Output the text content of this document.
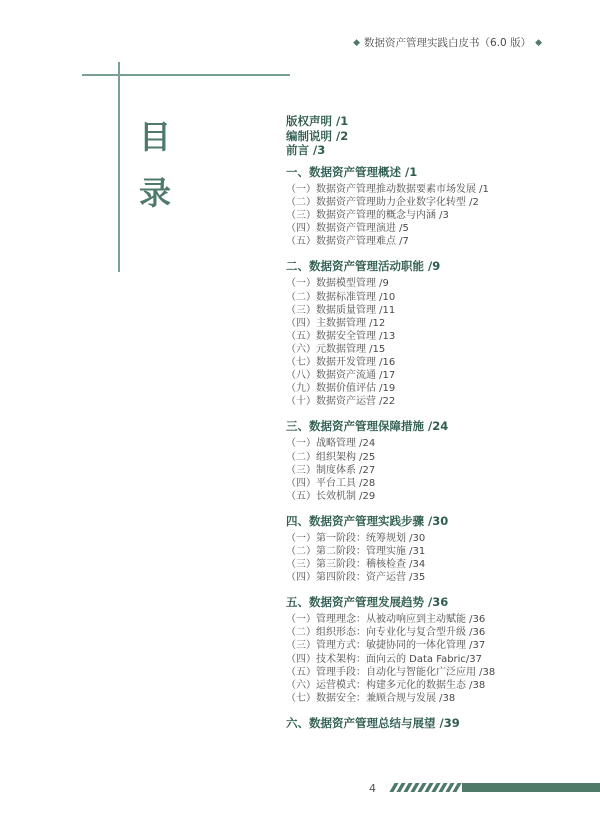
◆ 数据资产管理实践白皮书（6.0 版） ◆
目
录
版权声明 /1
编制说明 /2
前言 /3
一、数据资产管理概述 /1
（一）数据资产管理推动数据要素市场发展 /1
（二）数据资产管理助力企业数字化转型 /2
（三）数据资产管理的概念与内涵 /3
（四）数据资产管理演进 /5
（五）数据资产管理难点 /7
二、数据资产管理活动职能 /9
（一）数据模型管理 /9
（二）数据标准管理 /10
（三）数据质量管理 /11
（四）主数据管理 /12
（五）数据安全管理 /13
（六）元数据管理 /15
（七）数据开发管理 /16
（八）数据资产流通 /17
（九）数据价值评估 /19
（十）数据资产运营 /22
三、数据资产管理保障措施 /24
（一）战略管理 /24
（二）组织架构 /25
（三）制度体系 /27
（四）平台工具 /28
（五）长效机制 /29
四、数据资产管理实践步骤 /30
（一）第一阶段：统筹规划 /30
（二）第二阶段：管理实施 /31
（三）第三阶段：稽核检查 /34
（四）第四阶段：资产运营 /35
五、数据资产管理发展趋势 /36
（一）管理理念：从被动响应到主动赋能 /36
（二）组织形态：向专业化与复合型升级 /36
（三）管理方式：敏捷协同的一体化管理 /37
（四）技术架构：面向云的 Data Fabric/37
（五）管理手段：自动化与智能化广泛应用 /38
（六）运营模式：构建多元化的数据生态 /38
（七）数据安全：兼顾合规与发展 /38
六、数据资产管理总结与展望 /39
4
